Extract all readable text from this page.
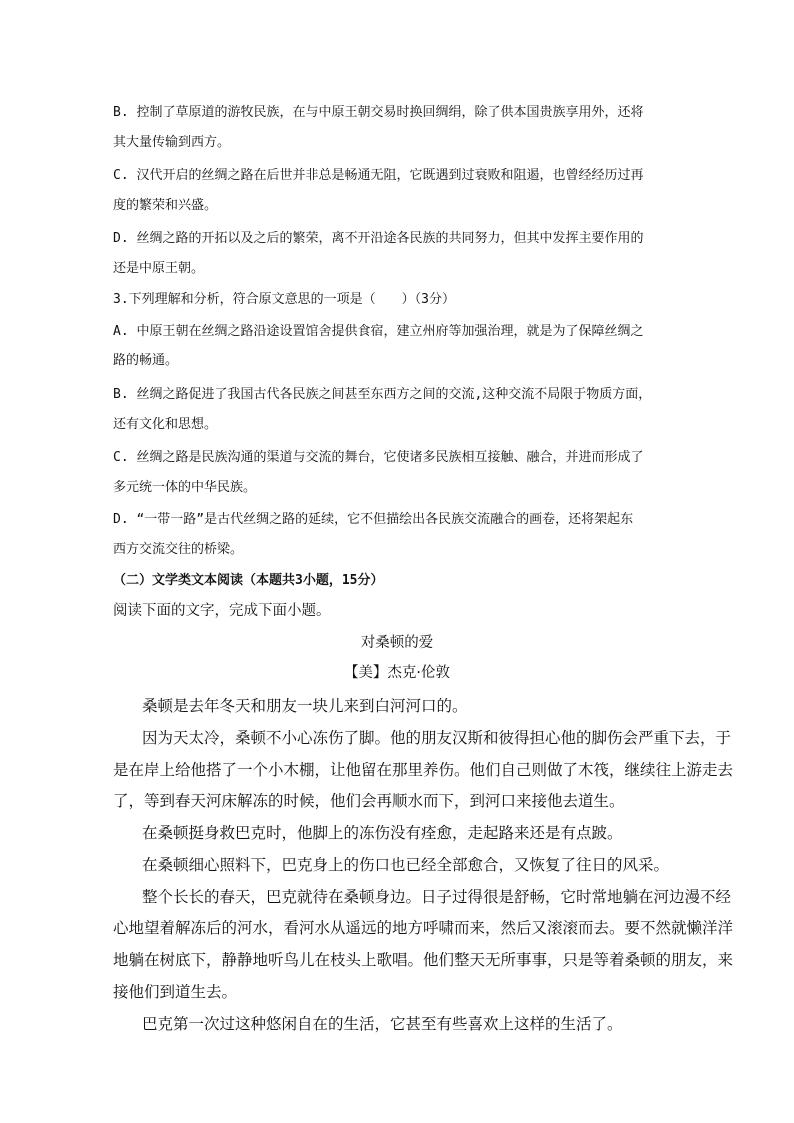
B. 控制了草原道的游牧民族，在与中原王朝交易时换回绸绢，除了供本国贵族享用外，还将
其大量传输到西方。
C. 汉代开启的丝绸之路在后世并非总是畅通无阻，它既遇到过衰败和阻遏，也曾经经历过再
度的繁荣和兴盛。
D. 丝绸之路的开拓以及之后的繁荣，离不开沿途各民族的共同努力，但其中发挥主要作用的
还是中原王朝。
3.下列理解和分析，符合原文意思的一项是（　　）（3分）
A. 中原王朝在丝绸之路沿途设置馆舍提供食宿，建立州府等加强治理，就是为了保障丝绸之
路的畅通。
B. 丝绸之路促进了我国古代各民族之间甚至东西方之间的交流,这种交流不局限于物质方面，
还有文化和思想。
C. 丝绸之路是民族沟通的渠道与交流的舞台，它使诸多民族相互接触、融合，并进而形成了
多元统一体的中华民族。
D. “一带一路”是古代丝绸之路的延续，它不但描绘出各民族交流融合的画卷，还将架起东
西方交流交往的桥梁。
（二）文学类文本阅读（本题共3小题，15分）
阅读下面的文字，完成下面小题。
对桑顿的爱
【美】杰克·伦敦
桑顿是去年冬天和朋友一块儿来到白河河口的。
因为天太冷，桑顿不小心冻伤了脚。他的朋友汉斯和彼得担心他的脚伤会严重下去，于
是在岸上给他搭了一个小木棚，让他留在那里养伤。他们自己则做了木筏，继续往上游走去
了，等到春天河床解冻的时候，他们会再顺水而下，到河口来接他去道生。
在桑顿挺身救巴克时，他脚上的冻伤没有痊愈，走起路来还是有点跛。
在桑顿细心照料下，巴克身上的伤口也已经全部愈合，又恢复了往日的风采。
整个长长的春天，巴克就待在桑顿身边。日子过得很是舒畅，它时常地躺在河边漫不经
心地望着解冻后的河水，看河水从遥远的地方呼啸而来，然后又滚滚而去。要不然就懒洋洋
地躺在树底下，静静地听鸟儿在枝头上歌唱。他们整天无所事事，只是等着桑顿的朋友，来
接他们到道生去。
巴克第一次过这种悠闲自在的生活，它甚至有些喜欢上这样的生活了。
